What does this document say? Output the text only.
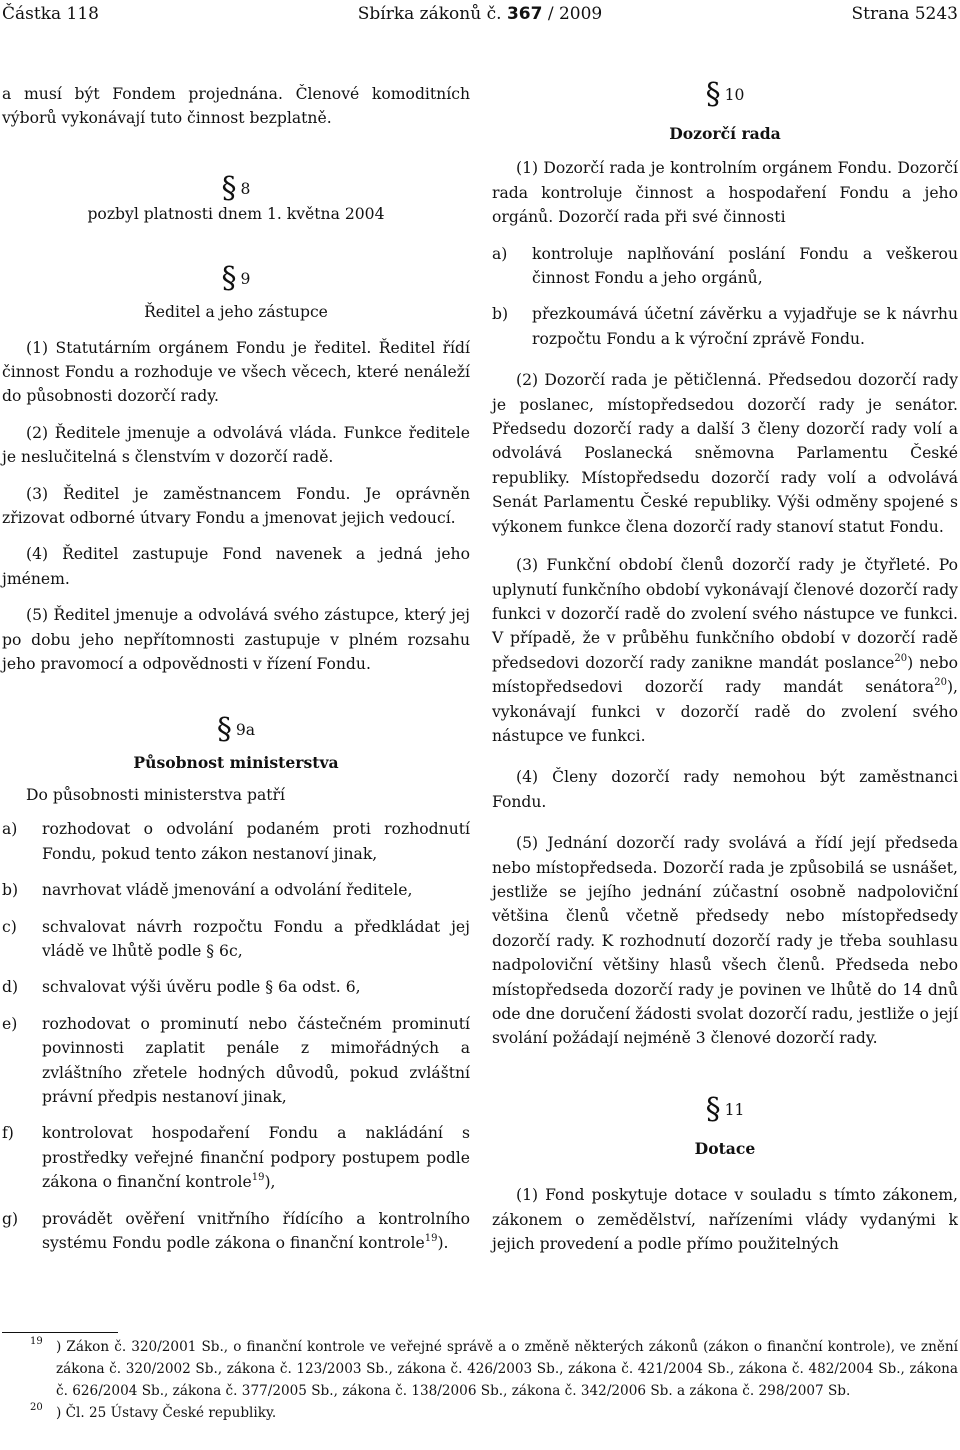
Částka 118	Sbírka zákonů č. 367 / 2009	Strana 5243

a musí být Fondem projednána. Členové komoditních výborů vykonávají tuto činnost bezplatně.

§ 8

pozbyl platnosti dnem 1. května 2004

§ 9

Ředitel a jeho zástupce

(1) Statutárním orgánem Fondu je ředitel. Ředitel řídí činnost Fondu a rozhoduje ve všech věcech, které nenáleží do působnosti dozorčí rady.

(2) Ředitele jmenuje a odvolává vláda. Funkce ředitele je neslučitelná s členstvím v dozorčí radě.

(3) Ředitel je zaměstnancem Fondu. Je oprávněn zřizovat odborné útvary Fondu a jmenovat jejich vedoucí.

(4) Ředitel zastupuje Fond navenek a jedná jeho jménem.

(5) Ředitel jmenuje a odvolává svého zástupce, který jej po dobu jeho nepřítomnosti zastupuje v plném rozsahu jeho pravomocí a odpovědnosti v řízení Fondu.

§ 9a

Působnost ministerstva

Do působnosti ministerstva patří

a) rozhodovat o odvolání podaném proti rozhodnutí Fondu, pokud tento zákon nestanoví jinak,
b) navrhovat vládě jmenování a odvolání ředitele,
c) schvalovat návrh rozpočtu Fondu a předkládat jej vládě ve lhůtě podle § 6c,
d) schvalovat výši úvěru podle § 6a odst. 6,
e) rozhodovat o prominutí nebo částečném prominutí povinnosti zaplatit penále z mimořádných a zvláštního zřetele hodných důvodů, pokud zvláštní právní předpis nestanoví jinak,
f) kontrolovat hospodaření Fondu a nakládání s prostředky veřejné finanční podpory postupem podle zákona o finanční kontrole$^{19}$),
g) provádět ověření vnitřního řídícího a kontrolního systému Fondu podle zákona o finanční kontrole$^{19}$).

§ 10

Dozorčí rada

(1) Dozorčí rada je kontrolním orgánem Fondu. Dozorčí rada kontroluje činnost a hospodaření Fondu a jeho orgánů. Dozorčí rada při své činnosti

a) kontroluje naplňování poslání Fondu a veškerou činnost Fondu a jeho orgánů,
b) přezkoumává účetní závěrku a vyjadřuje se k návrhu rozpočtu Fondu a k výroční zprávě Fondu.

(2) Dozorčí rada je pětičlenná. Předsedou dozorčí rady je poslanec, místopředsedou dozorčí rady je senátor. Předsedu dozorčí rady a další 3 členy dozorčí rady volí a odvolává Poslanecká sněmovna Parlamentu České republiky. Místopředsedu dozorčí rady volí a odvolává Senát Parlamentu České republiky. Výši odměny spojené s výkonem funkce člena dozorčí rady stanoví statut Fondu.

(3) Funkční období členů dozorčí rady je čtyřleté. Po uplynutí funkčního období vykonávají členové dozorčí rady funkci v dozorčí radě do zvolení svého nástupce ve funkci. V případě, že v průběhu funkčního období v dozorčí radě předsedovi dozorčí rady zanikne mandát poslance$^{20}$) nebo místopředsedovi dozorčí rady mandát senátora$^{20}$), vykonávají funkci v dozorčí radě do zvolení svého nástupce ve funkci.

(4) Členy dozorčí rady nemohou být zaměstnanci Fondu.

(5) Jednání dozorčí rady svolává a řídí její předseda nebo místopředseda. Dozorčí rada je způsobilá se usnášet, jestliže se jejího jednání zúčastní osobně nadpoloviční většina členů včetně předsedy nebo místopředsedy dozorčí rady. K rozhodnutí dozorčí rady je třeba souhlasu nadpoloviční většiny hlasů všech členů. Předseda nebo místopředseda dozorčí rady je povinen ve lhůtě do 14 dnů ode dne doručení žádosti svolat dozorčí radu, jestliže o její svolání požádají nejméně 3 členové dozorčí rady.

§ 11

Dotace

(1) Fond poskytuje dotace v souladu s tímto zákonem, zákonem o zemědělství, nařízeními vlády vydanými k jejich provedení a podle přímo použitelných

$^{19}$ ) Zákon č. 320/2001 Sb., o finanční kontrole ve veřejné správě a o změně některých zákonů (zákon o finanční kontrole), ve znění zákona č. 320/2002 Sb., zákona č. 123/2003 Sb., zákona č. 426/2003 Sb., zákona č. 421/2004 Sb., zákona č. 482/2004 Sb., zákona č. 626/2004 Sb., zákona č. 377/2005 Sb., zákona č. 138/2006 Sb., zákona č. 342/2006 Sb. a zákona č. 298/2007 Sb.

$^{20}$ ) Čl. 25 Ústavy České republiky.
